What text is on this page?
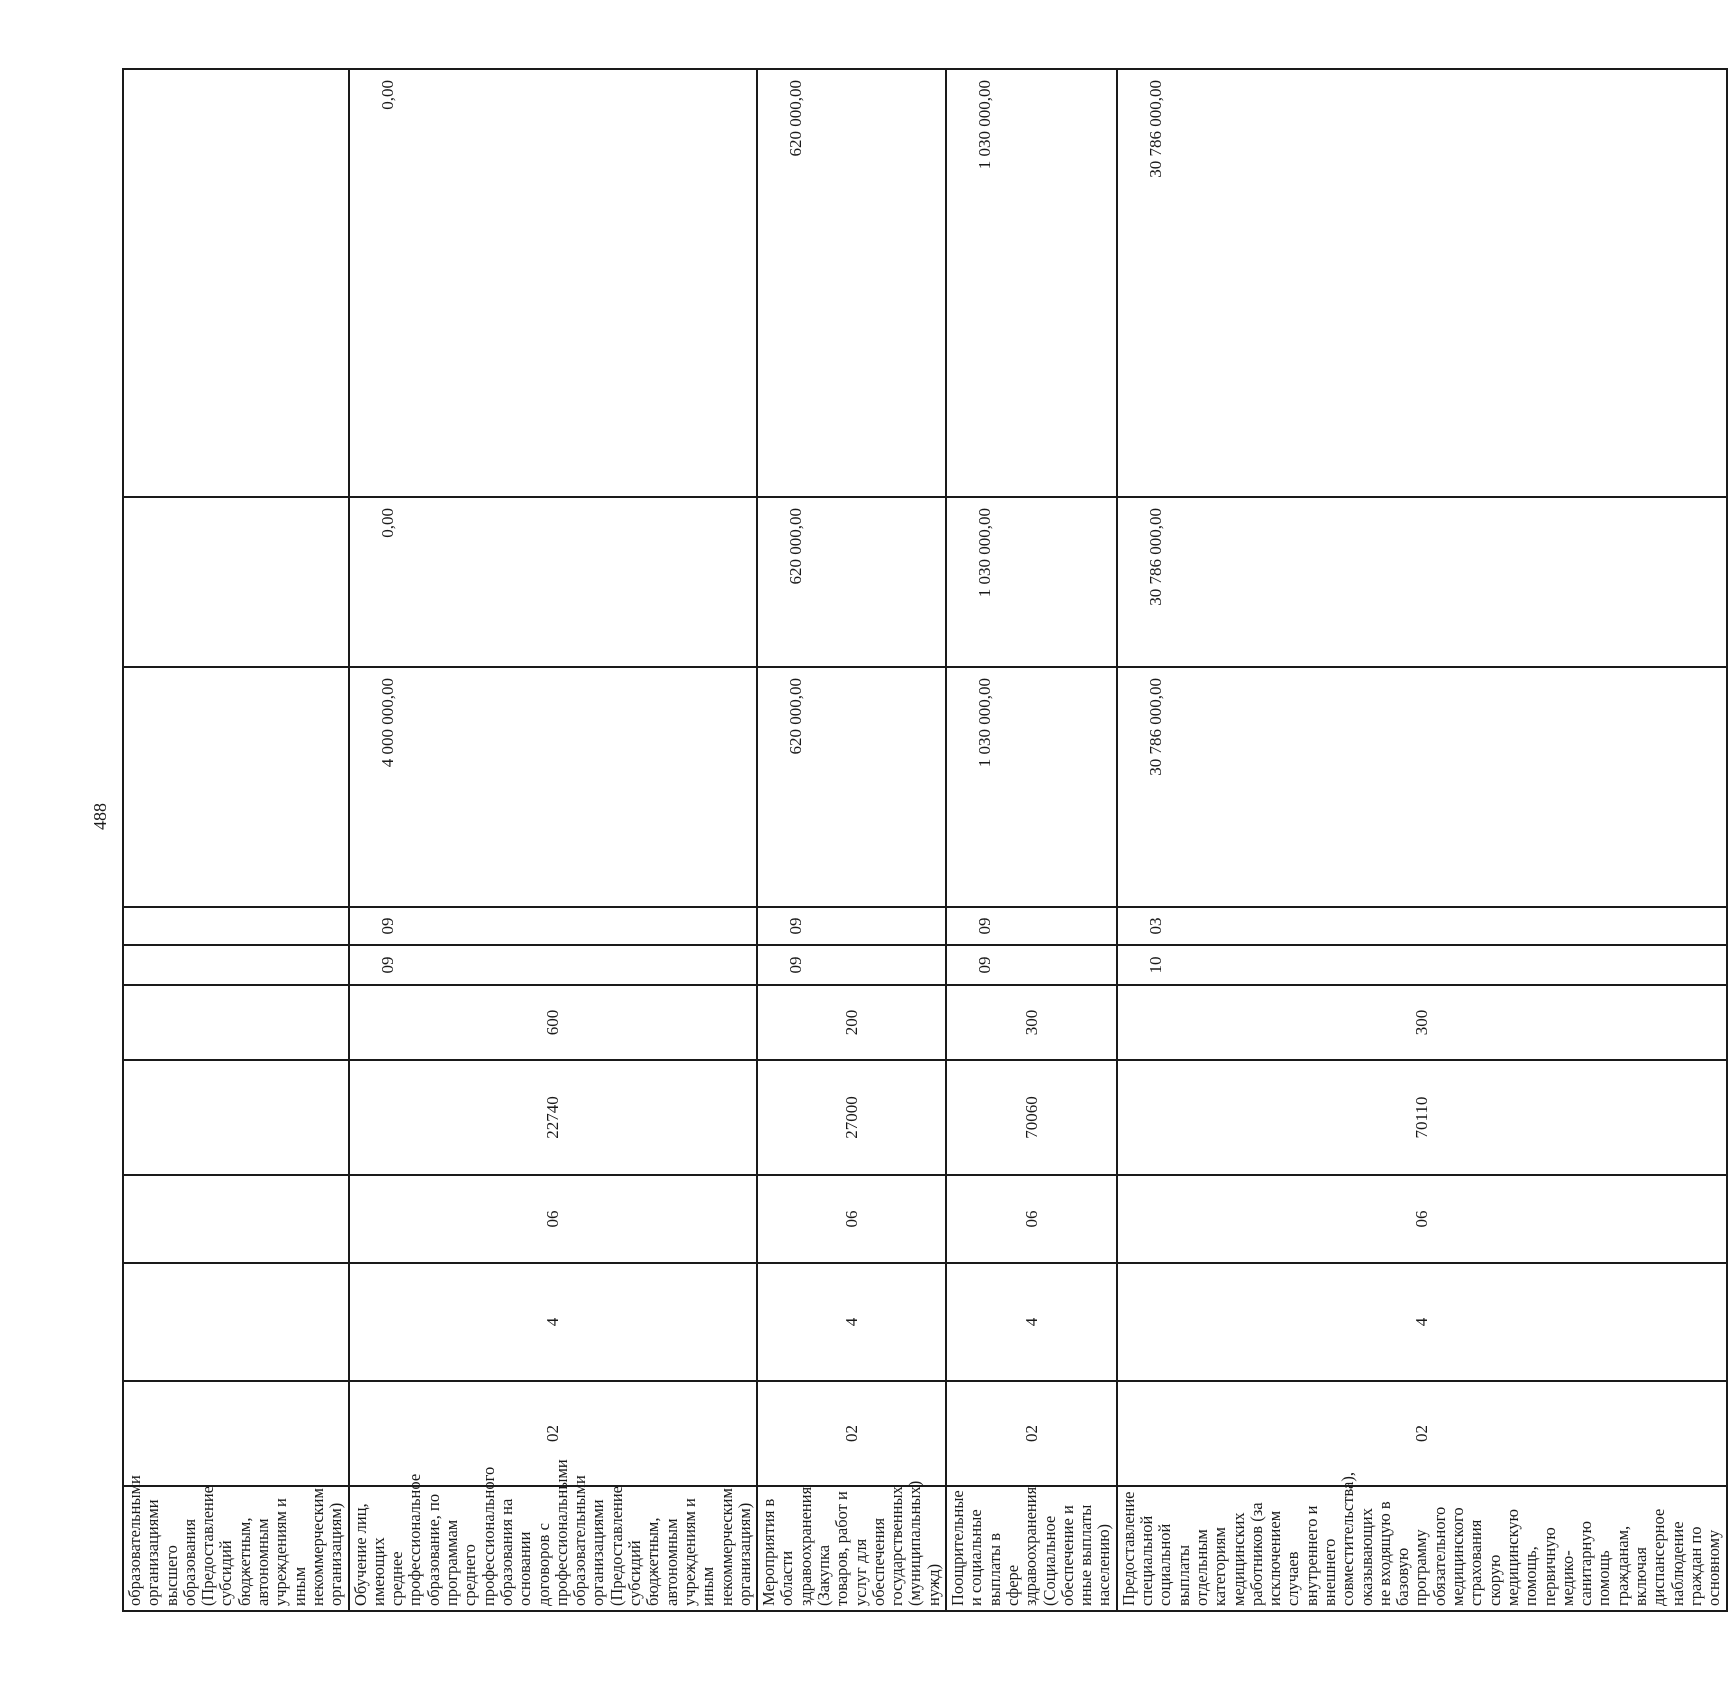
488
образовательными организациями высшего образования (Предоставление субсидий бюджетным, автономным учреждениям и иным некоммерческим организациям)										
Обучение лиц, имеющих среднее профессиональное образование, по программам среднего профессионального образования на основании договоров с профессиональными образовательными организациями (Предоставление субсидий бюджетным, автономным учреждениям и иным некоммерческим организациям)	02	4	06	22740	600	09	09	4 000 000,00	0,00	0,00
Мероприятия в области здравоохранения (Закупка товаров, работ и услуг для обеспечения государственных (муниципальных) нужд)	02	4	06	27000	200	09	09	620 000,00	620 000,00	620 000,00
Поощрительные и социальные выплаты в сфере здравоохранения (Социальное обеспечение и иные выплаты населению)	02	4	06	70060	300	09	09	1 030 000,00	1 030 000,00	1 030 000,00
Предоставление специальной социальной выплаты отдельным категориям медицинских работников (за исключением случаев внутреннего и внешнего совместительства), оказывающих не входящую в базовую программу обязательного медицинского страхования скорую медицинскую помощь, первичную медико-санитарную помощь гражданам, включая диспансерное наблюдение граждан по основному	02	4	06	70110	300	10	03	30 786 000,00	30 786 000,00	30 786 000,00
